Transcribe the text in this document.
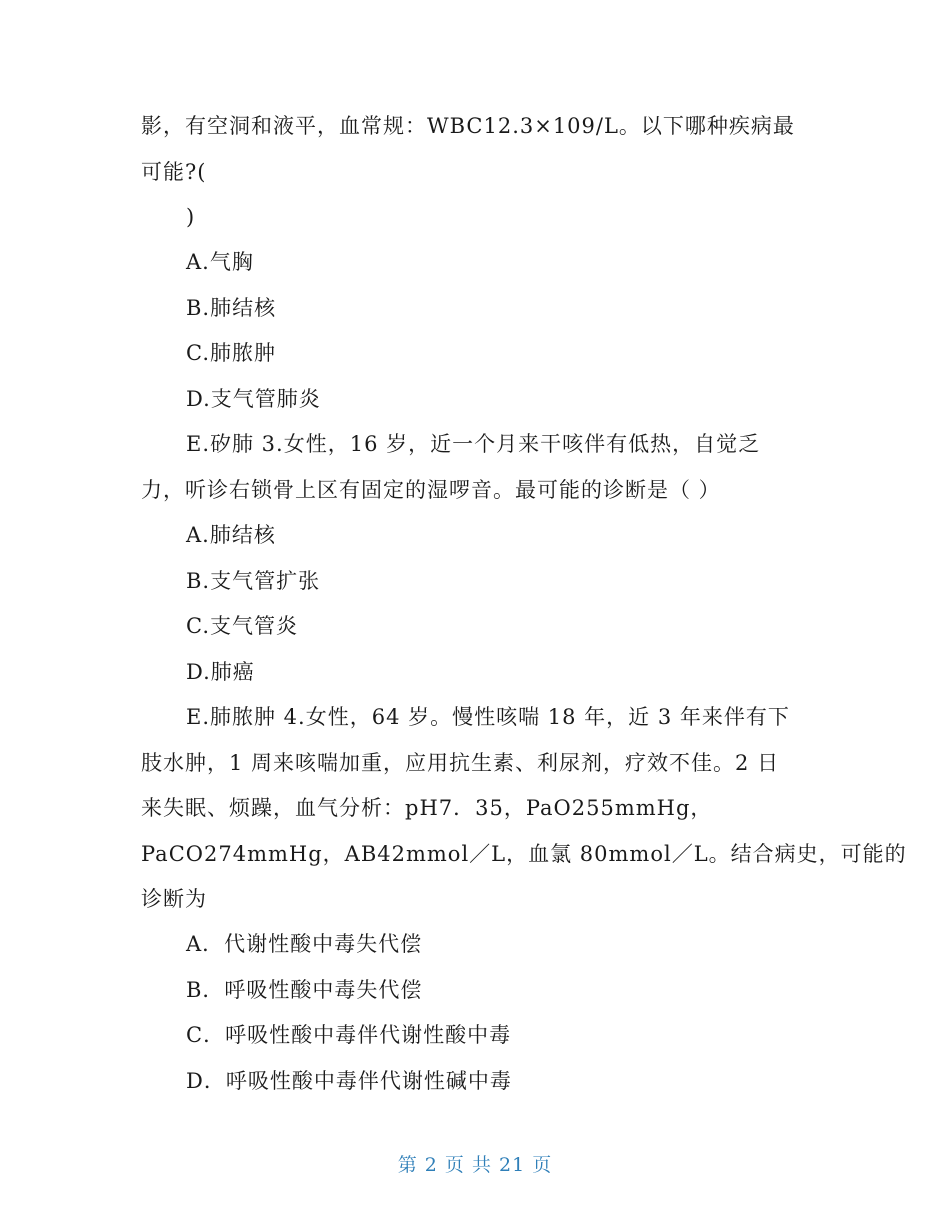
影，有空洞和液平，血常规：WBC12.3×109/L。以下哪种疾病最
可能?(
)
A.气胸
B.肺结核
C.肺脓肿
D.支气管肺炎
E.矽肺 3.女性，16 岁，近一个月来干咳伴有低热，自觉乏
力，听诊右锁骨上区有固定的湿啰音。最可能的诊断是（ ）
A.肺结核
B.支气管扩张
C.支气管炎
D.肺癌
E.肺脓肿 4.女性，64 岁。慢性咳喘 18 年，近 3 年来伴有下
肢水肿，1 周来咳喘加重，应用抗生素、利尿剂，疗效不佳。2 日
来失眠、烦躁，血气分析：pH7．35，PaO255mmHg，
PaCO274mmHg，AB42mmol／L，血氯 80mmol／L。结合病史，可能的
诊断为
A．代谢性酸中毒失代偿
B．呼吸性酸中毒失代偿
C．呼吸性酸中毒伴代谢性酸中毒
D．呼吸性酸中毒伴代谢性碱中毒
第 2 页 共 21 页
